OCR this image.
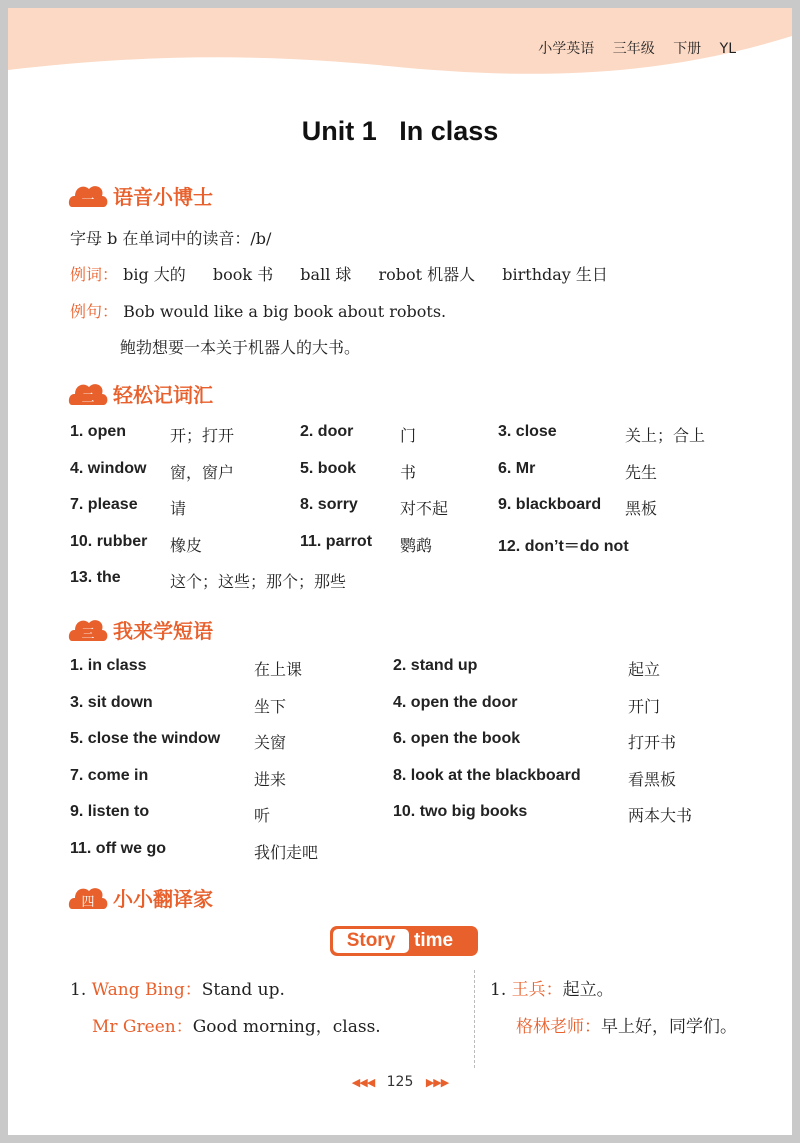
小学英语 三年级 下册 YL
Unit 1   In class
一 语音小博士
字母 b 在单词中的读音：/b/
例词： big 大的 book 书 ball 球 robot 机器人 birthday 生日
例句： Bob would like a big book about robots.
鲍勃想要一本关于机器人的大书。
二 轻松记词汇
1. open	开；打开	2. door	门	3. close	关上；合上
4. window 窗，窗户	5. book	书	6. Mr	先生
7. please 请	8. sorry	对不起	9. blackboard 黑板
10. rubber 橡皮	11. parrot 鹦鹉	12. don’t＝do not
13. the	这个；这些；那个；那些
三 我来学短语
1. in class	在上课	2. stand up	起立
3. sit down	坐下	4. open the door	开门
5. close the window 关窗	6. open the book	打开书
7. come in	进来	8. look at the blackboard	看黑板
9. listen to	听	10. two big books	两本大书
11. off we go	我们走吧
四 小小翻译家
Story time
1. Wang Bing：Stand up.
Mr Green：Good morning，class.
1. 王兵：起立。
格林老师：早上好，同学们。
◀◀◀ 125 ▶▶▶
